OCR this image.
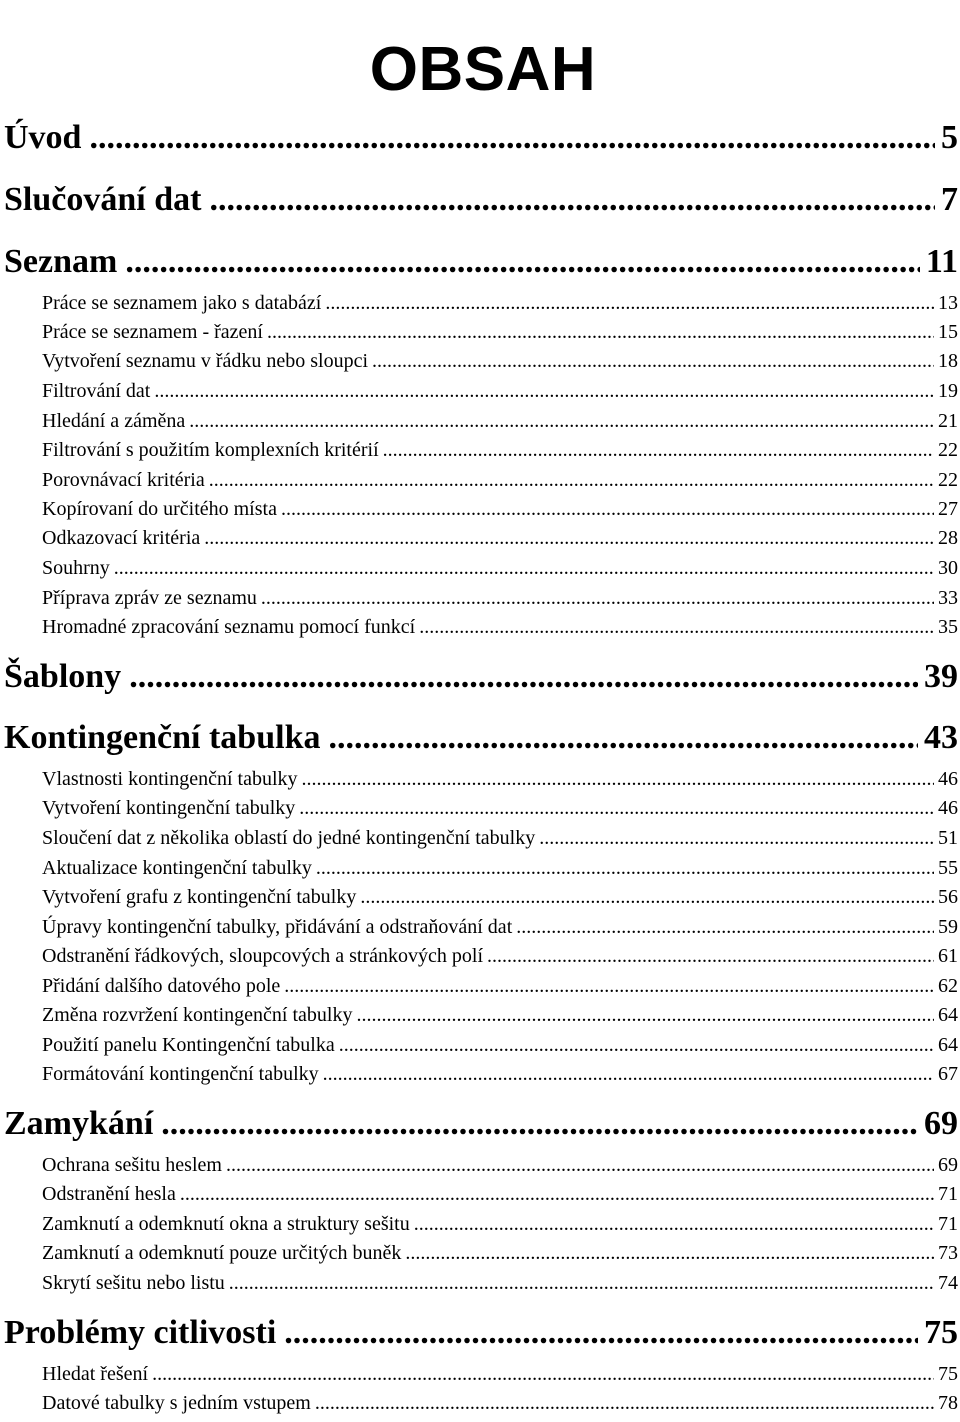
OBSAH
Úvod .....	5
Slučování dat .....	7
Seznam .....	11
Práce se seznamem jako s databází .....	13
Práce se seznamem - řazení .....	15
Vytvoření seznamu v řádku nebo sloupci .....	18
Filtrování dat .....	19
Hledání a záměna .....	21
Filtrování s použitím komplexních kritérií .....	22
Porovnávací kritéria .....	22
Kopírovaní do určitého místa .....	27
Odkazovací kritéria .....	28
Souhrny .....	30
Příprava zpráv ze seznamu .....	33
Hromadné zpracování seznamu pomocí funkcí .....	35
Šablony .....	39
Kontingenční tabulka .....	43
Vlastnosti kontingenční tabulky .....	46
Vytvoření kontingenční tabulky .....	46
Sloučení dat z několika oblastí do jedné kontingenční tabulky .....	51
Aktualizace kontingenční tabulky .....	55
Vytvoření grafu z kontingenční tabulky .....	56
Úpravy kontingenční tabulky, přidávání a odstraňování dat .....	59
Odstranění řádkových, sloupcových a stránkových polí .....	61
Přidání dalšího datového pole .....	62
Změna rozvržení kontingenční tabulky .....	64
Použití panelu Kontingenční tabulka .....	64
Formátování kontingenční tabulky .....	67
Zamykání .....	69
Ochrana sešitu heslem .....	69
Odstranění hesla .....	71
Zamknutí a odemknutí okna a struktury sešitu .....	71
Zamknutí a odemknutí pouze určitých buněk .....	73
Skrytí sešitu nebo listu .....	74
Problémy citlivosti .....	75
Hledat řešení .....	75
Datové tabulky s jedním vstupem .....	78
